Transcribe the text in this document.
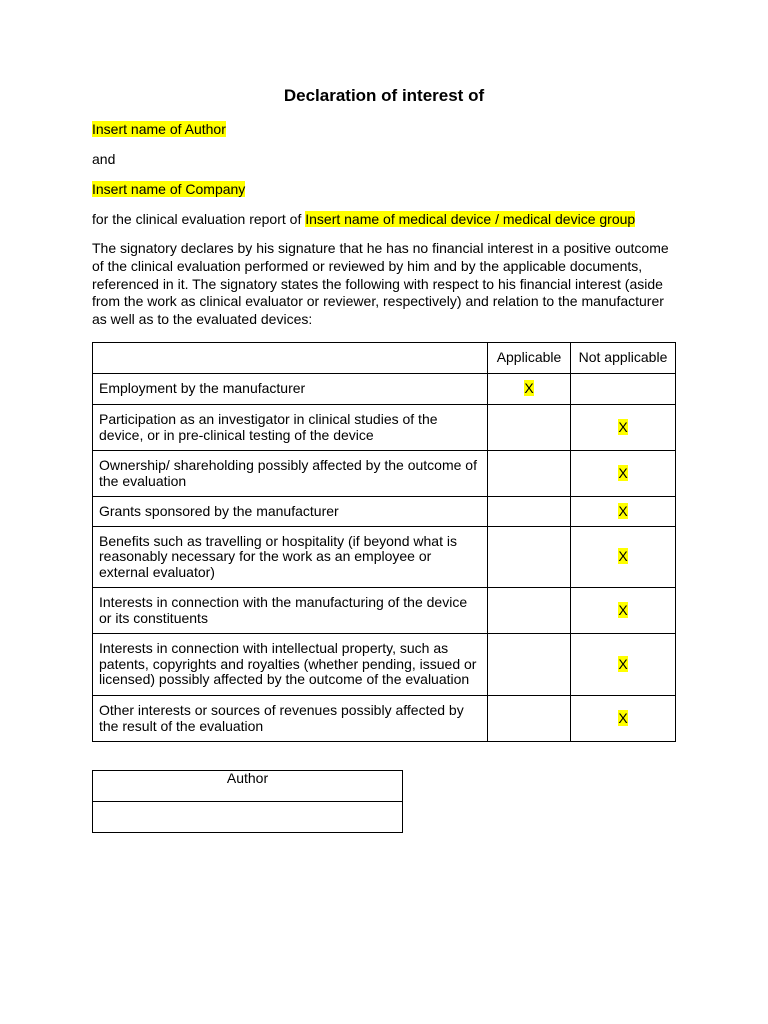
Declaration of interest of
Insert name of Author
and
Insert name of Company
for the clinical evaluation report of Insert name of medical device / medical device group
The signatory declares by his signature that he has no financial interest in a positive outcome of the clinical evaluation performed or reviewed by him and by the applicable documents, referenced in it. The signatory states the following with respect to his financial interest (aside from the work as clinical evaluator or reviewer, respectively) and relation to the manufacturer as well as to the evaluated devices:
	Applicable	Not applicable
Employment by the manufacturer	X	
Participation as an investigator in clinical studies of the device, or in pre-clinical testing of the device		X
Ownership/ shareholding possibly affected by the outcome of the evaluation		X
Grants sponsored by the manufacturer		X
Benefits such as travelling or hospitality (if beyond what is reasonably necessary for the work as an employee or external evaluator)		X
Interests in connection with the manufacturing of the device or its constituents		X
Interests in connection with intellectual property, such as patents, copyrights and royalties (whether pending, issued or licensed) possibly affected by the outcome of the evaluation		X
Other interests or sources of revenues possibly affected by the result of the evaluation		X
Author
